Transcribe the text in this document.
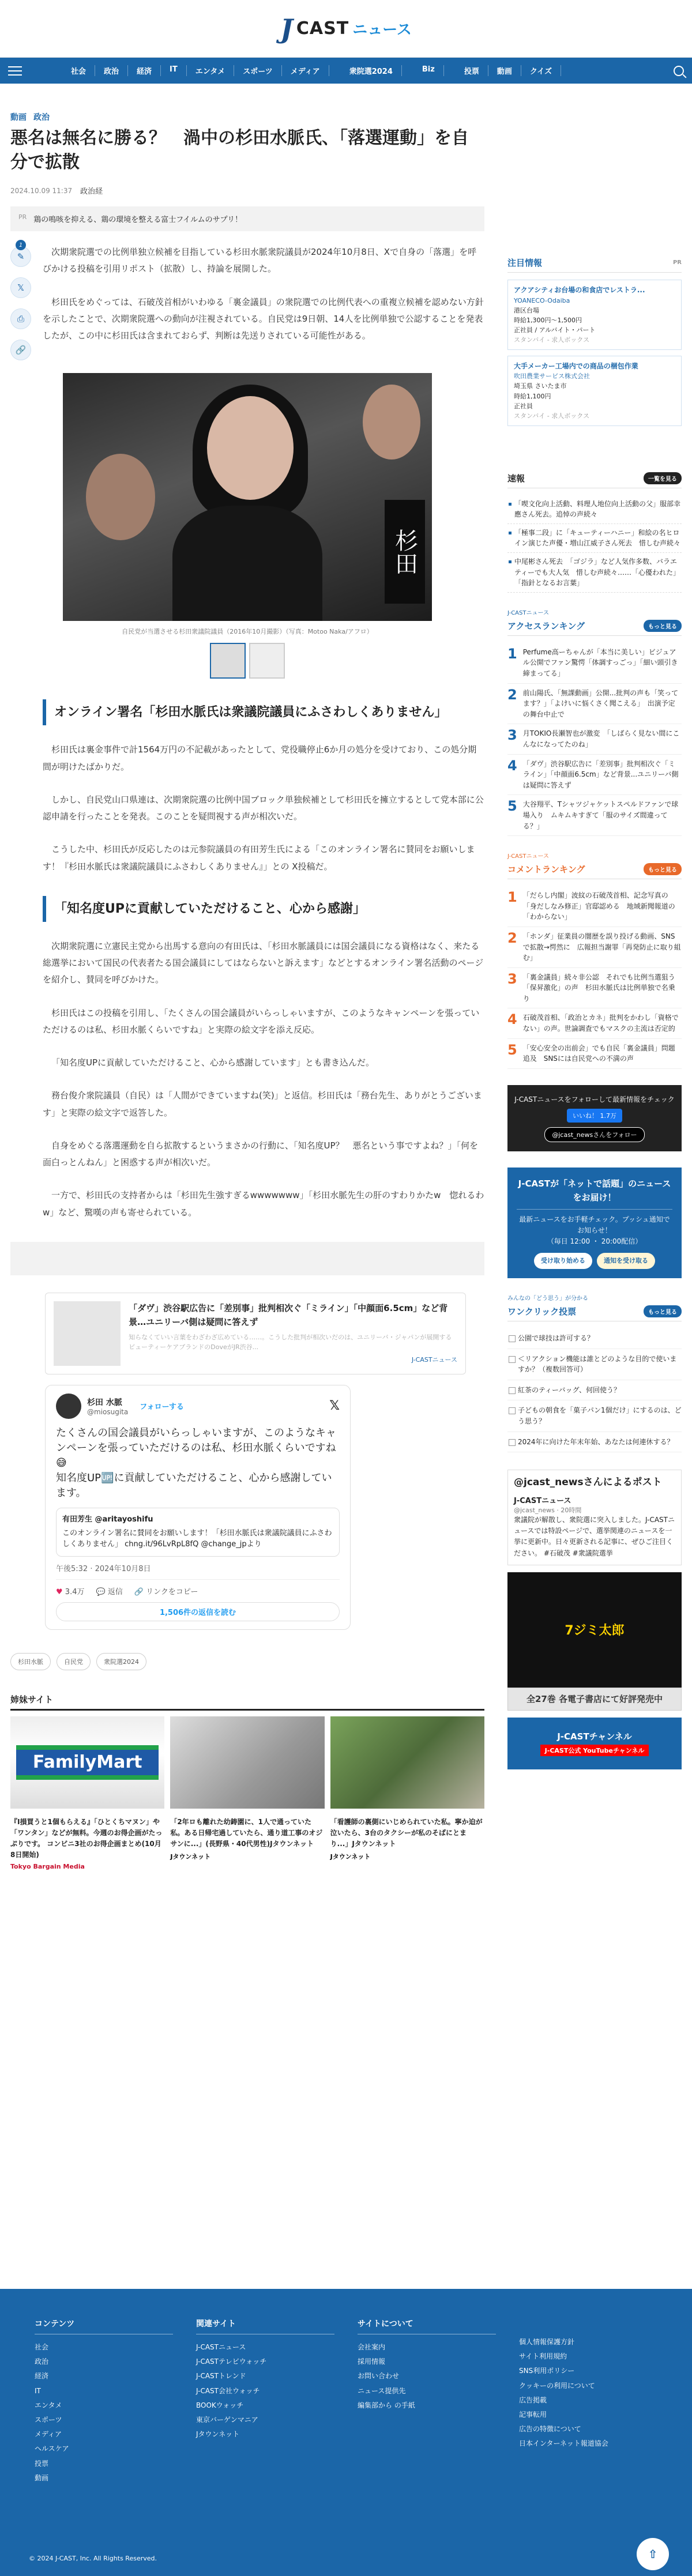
J CAST ニュース
社会	政治	経済	IT	エンタメ	スポーツ	メディア	衆院選2024	Biz	投票	動画	クイズ
動画 政治
悪名は無名に勝る？　渦中の杉田水脈氏、「落選運動」を自分で拡散
2024.10.09 11:37 政治経
PR 鶏の鳴咳を抑える、鶏の環境を整える富士フイルムのサプリ！
✎
1
𝕏
⎙
🔗

次期衆院選での比例単独立候補を目指している杉田水脈衆院議員が2024年10月8日、Xで自身の「落選」を呼びかける投稿を引用リポスト（拡散）し、持論を展開した。

杉田氏をめぐっては、石破茂首相がいわゆる「裏金議員」の衆院選での比例代表への重複立候補を認めない方針を示したことで、次期衆院選への動向が注視されている。自民党は9日朝、14人を比例単独で公認することを発表したが、この中に杉田氏は含まれておらず、判断は先送りされている可能性がある。

杉田
自民党が当選させる杉田衆議院議員（2016年10月撮影）（写真：Motoo Naka/アフロ）
オンライン署名「杉田水脈氏は衆議院議員にふさわしくありません」

杉田氏は裏金事件で計1564万円の不記載があったとして、党役職停止6か月の処分を受けており、この処分期間が明けたばかりだ。

しかし、自民党山口県連は、次期衆院選の比例中国ブロック単独候補として杉田氏を擁立するとして党本部に公認申請を行ったことを発表。このことを疑問視する声が相次いだ。

こうした中、杉田氏が反応したのは元参院議員の有田芳生氏による「このオンライン署名に賛同をお願いします！『杉田水脈氏は衆議院議員にふさわしくありません』」との X投稿だ。

「知名度UPに貢献していただけること、心から感謝」

次期衆院選に立憲民主党から出馬する意向の有田氏は、「杉田水脈議員には国会議員になる資格はなく、来たる総選挙において国民の代表者たる国会議員にしてはならないと訴えます」などとするオンライン署名活動のページを紹介し、賛同を呼びかけた。

杉田氏はこの投稿を引用し、「たくさんの国会議員がいらっしゃいますが、このようなキャンペーンを張っていただけるのは私、杉田水脈くらいですね」と実際の絵文字を添え反応。

「知名度UPに貢献していただけること、心から感謝しています」とも書き込んだ。

務台俊介衆院議員（自民）は「人間ができていますね(笑)」と返信。杉田氏は「務台先生、ありがとうございます」と実際の絵文字で返答した。

自身をめぐる落選運動を自ら拡散するというまさかの行動に、「知名度UP？　悪名という事ですよね？」「何を面白っとんねん」と困惑する声が相次いだ。

一方で、杉田氏の支持者からは「杉田先生強すぎるwwwwwww」「杉田水脈先生の肝のすわりかたw　惚れるわw」など、驚嘆の声も寄せられている。

「ダヴ」渋谷駅広告に「差別事」批判相次ぐ「ミライン」「中顔面6.5cm」など背景…ユニリーバ側は疑問に答えず
知らなくていい言葉をわざわざ広めている……。こうした批判が相次いだのは、ユニリーバ・ジャパンが展開するビューティーケアブランドのDoveがJR渋谷...
J-CASTニュース
杉田 水脈
@miosugita
フォローする	𝕏
たくさんの国会議員がいらっしゃいますが、このようなキャンペーンを張っていただけるのは私、杉田水脈くらいですね😅
知名度UP🆙に貢献していただけること、心から感謝しています。
有田芳生 @aritayoshifu
このオンライン署名に賛同をお願いします！「杉田水脈氏は衆議院議員にふさわしくありません」 chng.it/96LvRpL8fQ @change_jpより
午後5:32 · 2024年10月8日
♥ 3.4万 💬 返信 🔗 リンクをコピー
1,506件の返信を読む
杉田水脈	自民党	衆院選2024
姉妹サイト
FamilyMart
『I損買うと1個もらえる』「ひとくちマヌン」や「ワンタン」などが無料。今週のお得企画がたっぷりです。 コンビニ3社のお得企画まとめ(10月8日開始)
Tokyo Bargain Media
「2年ロも離れた幼鋳園に、1人で通っていた私。ある日帰宅過していたら、通り道工事のオジサンに...」(長野県・40代男性)Jタウンネット
Jタウンネット
「看護師の裏側にいじめられていた私。寧か迫が泣いたら、3台のタクシーが私のそばにとまり...」Jタウンネット
Jタウンネット
注目情報	PR
アクアシティお台場の和食店でレストラ...
YOANECO-Odaiba
港区台場
時給1,300円〜1,500円
正社員 / アルバイト・パート
スタンバイ - 求人ボックス
大手メーカー工場内での商品の梱包作業
吹田農業サービス株式会社
埼玉県 さいたま市
時給1,100円
正社員
スタンバイ - 求人ボックス
速報	一覧を見る
「喫文化向上活動、料理人地位向上活動の父」服部幸應さん死去。追悼の声続々
「極事二段」に「キューティーハニー」和絵の名ヒロイン演じた声優・増山江威子さん死去　惜しむ声続々
中尾彬さん死去　「ゴジラ」など人気作多数、バラエティーでも大人気　惜しむ声続々……「心優われた」「指針となるお言葉」
J-CASTニュース
アクセスランキング	もっと見る
1 Perfume高ーちゃんが「本当に美しい」ビジュアル公開でファン驚愕「体調すっごっ」「細い頭引き締まってる」
2 前山陽氏、「無課動画」公開...批判の声も「笑ってます？」「よけいに悩くさく聞こえる」　出演予定の舞台中止で
3 月TOKIO長瀬智也が激変　「しばらく見ない間にこんなになってたのね」
4 「ダヴ」渋谷駅広告に「差別事」批判相次ぐ「ミライン」「中顔面6.5cm」など背景...ユニリーバ側は疑問に答えず
5 大谷翔平、Tシャツジャケットスペルドファンで球場入り　ムキムキすぎて「服のサイズ間違ってる？」
J-CASTニュース
コメントランキング	もっと見る
1 「だらし内閣」波紋の石破茂首相、記念写真の「身だしなみ修正」官邸認める　地域新聞報道の「わからない」
2 「ホンダ」征業員の闇歴を誤り投げる動画、SNSで拡散→愕然に　広報担当謝罪「再発防止に取り組む」
3 「裏金議員」続々非公認　それでも比例当選狙う「保昇激化」の声　杉田水脈氏は比例単独で名乗り
4 石破茂首相、「政治とカネ」批判をかわし「資格でない」の声。世論調査でもマスクの主流は否定的
5 「安心安全の出前会」でも自民「裏金議員」問題追及　SNSには自民党への不満の声
J-CASTニュースをフォローして最新情報をチェック
いいね！ 1.7万
@jcast_newsさんをフォロー
J-CASTが「ネットで話題」のニュースをお届け！
最新ニュースをお手軽チェック。プッシュ通知でお知らせ！
（毎日 12:00 ・ 20:00配信）
受け取り始める	通知を受け取る
みんなの「どう思う」が分かる
ワンクリック投票	もっと見る
公園で球技は許可する？
＜リアクション機能は誰とどのような目的で使いますか？（複数回答可）
紅茶のティーバッグ、何回使う？
子どもの朝食を「菓子パン1個だけ」にするのは、どう思う？
2024年に向けた年末年始、あなたは何連休する？
@jcast_newsさんによるポスト
J-CASTニュース
@jcast_news · 20時間
衆議院が解散し、衆院選に突入しました。J-CASTニュースでは特設ページで、選挙関連のニュースを一挙に更新中。日々更新される記事に、ぜひご注目ください。 #石破茂 #衆議院選挙
7ジミ太郎
全27巻 各電子書店にて好評発売中
J-CASTチャンネル
J-CAST公式 YouTubeチャンネル
コンテンツ
社会
政治
経済
IT
エンタメ
スポーツ
メディア
ヘルスケア
投票
動画
関連サイト
J-CASTニュース
J-CASTテレビウォッチ
J-CASTトレンド
J-CAST会社ウォッチ
BOOKウォッチ
東京バーゲンマニア
Jタウンネット
サイトについて
会社案内
採用情報
お問い合わせ
ニュース提供先
編集部から の手紙
個人情報保護方針
サイト利用規約
SNS利用ポリシー
クッキーの利用について
広告掲載
記事転用
広告の特徴について
日本インターネット報道協会
© 2024 J-CAST, Inc. All Rights Reserved.	⇧
